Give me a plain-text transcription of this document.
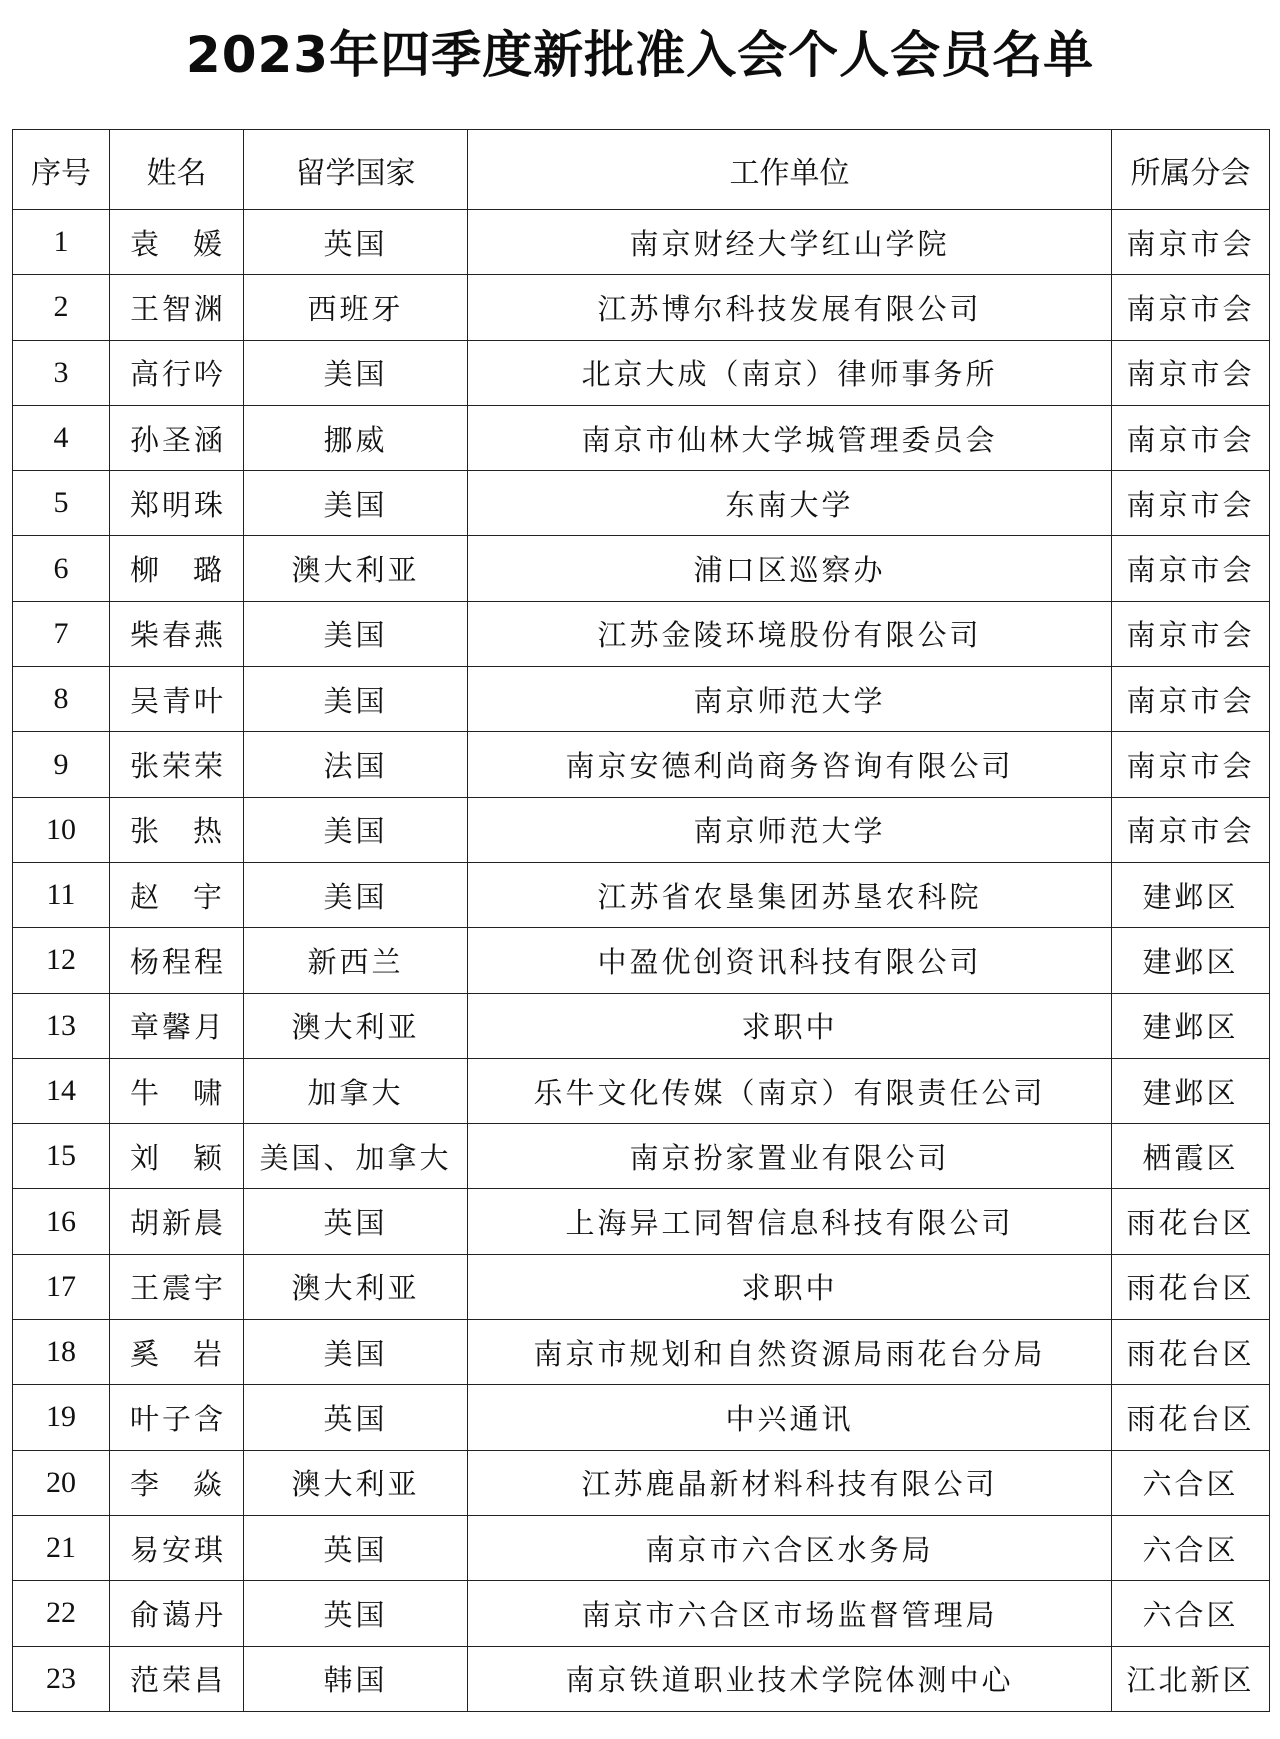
2023年四季度新批准入会个人会员名单
序号	姓名	留学国家	工作单位	所属分会
1	袁媛	英国	南京财经大学红山学院	南京市会
2	王智渊	西班牙	江苏博尔科技发展有限公司	南京市会
3	高行吟	美国	北京大成（南京）律师事务所	南京市会
4	孙圣涵	挪威	南京市仙林大学城管理委员会	南京市会
5	郑明珠	美国	东南大学	南京市会
6	柳璐	澳大利亚	浦口区巡察办	南京市会
7	柴春燕	美国	江苏金陵环境股份有限公司	南京市会
8	吴青叶	美国	南京师范大学	南京市会
9	张荣荣	法国	南京安德利尚商务咨询有限公司	南京市会
10	张热	美国	南京师范大学	南京市会
11	赵宇	美国	江苏省农垦集团苏垦农科院	建邺区
12	杨程程	新西兰	中盈优创资讯科技有限公司	建邺区
13	章馨月	澳大利亚	求职中	建邺区
14	牛啸	加拿大	乐牛文化传媒（南京）有限责任公司	建邺区
15	刘颖	美国、加拿大	南京扮家置业有限公司	栖霞区
16	胡新晨	英国	上海异工同智信息科技有限公司	雨花台区
17	王震宇	澳大利亚	求职中	雨花台区
18	奚岩	美国	南京市规划和自然资源局雨花台分局	雨花台区
19	叶子含	英国	中兴通讯	雨花台区
20	李焱	澳大利亚	江苏鹿晶新材料科技有限公司	六合区
21	易安琪	英国	南京市六合区水务局	六合区
22	俞蔼丹	英国	南京市六合区市场监督管理局	六合区
23	范荣昌	韩国	南京铁道职业技术学院体测中心	江北新区
